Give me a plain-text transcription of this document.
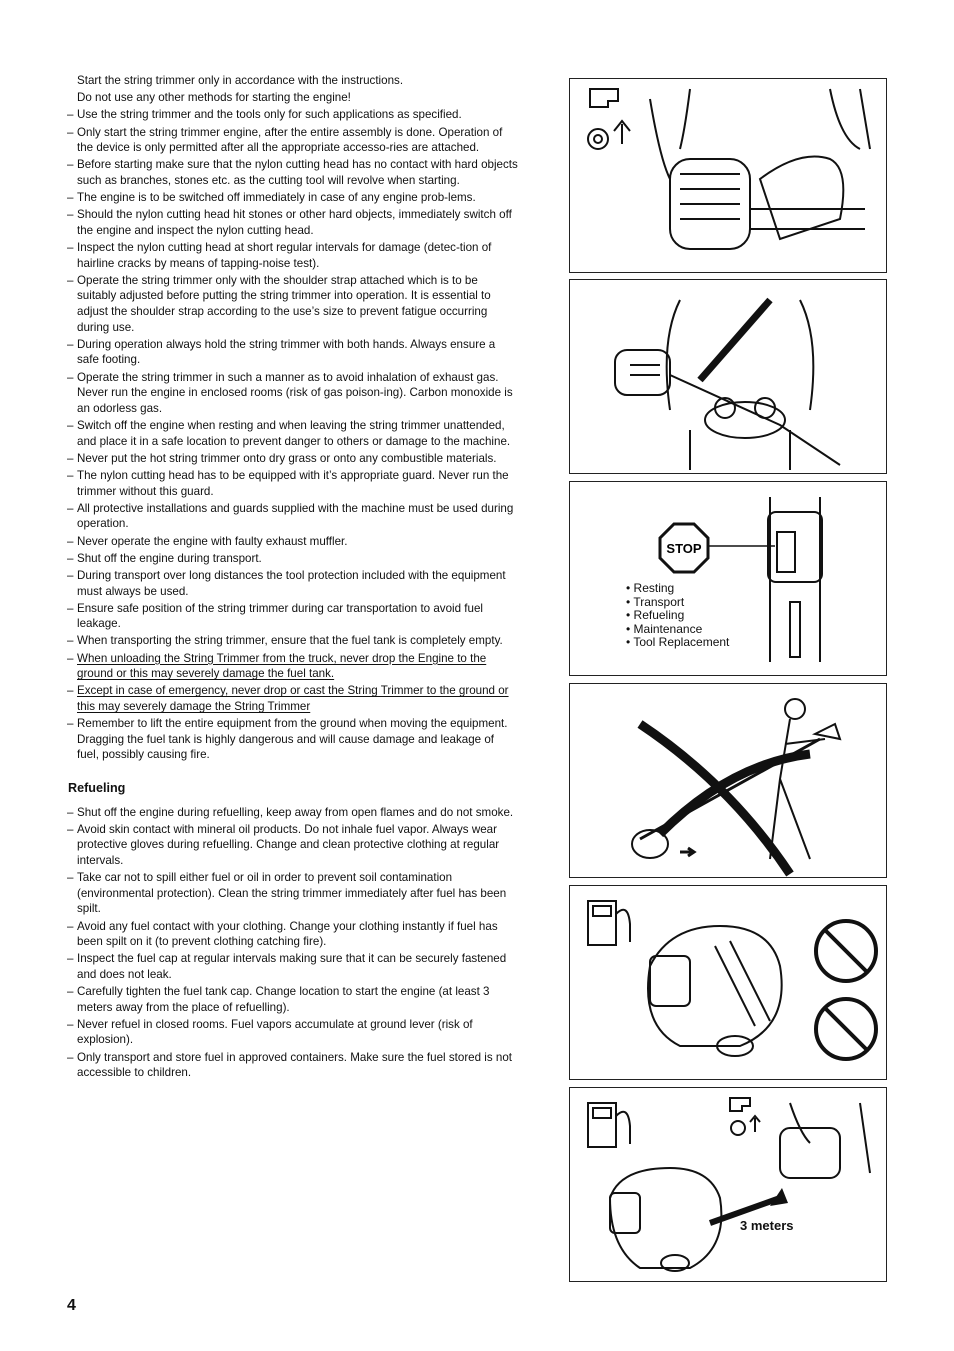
Start the string trimmer only in accordance with the instructions.
Do not use any other methods for starting the engine!
– Use the string trimmer and the tools only for such applications as specified.
– Only start the string trimmer engine, after the entire assembly is done. Operation of the device is only permitted after all the appropriate accesso-ries are attached.
– Before starting make sure that the nylon cutting head has no contact with hard objects such as branches, stones etc. as the cutting tool will revolve when starting.
– The engine is to be switched off immediately in case of any engine prob-lems.
– Should the nylon cutting head hit stones or other hard objects, immediately switch off the engine and inspect the nylon cutting head.
– Inspect the nylon cutting head at short regular intervals for damage (detec-tion of hairline cracks by means of tapping-noise test).
– Operate the string trimmer only with the shoulder strap attached which is to be suitably adjusted before putting the string trimmer into operation. It is essential to adjust the shoulder strap according to the use’s size to prevent fatigue occurring during use.
– During operation always hold the string trimmer with both hands. Always ensure a safe footing.
– Operate the string trimmer in such a manner as to avoid inhalation of exhaust gas. Never run the engine in enclosed rooms (risk of gas poison-ing). Carbon monoxide is an odorless gas.
– Switch off the engine when resting and when leaving the string trimmer unattended, and place it in a safe location to prevent danger to others or damage to the machine.
– Never put the hot string trimmer onto dry grass or onto any combustible materials.
– The nylon cutting head has to be equipped with it’s appropriate guard. Never run the trimmer without this guard.
– All protective installations and guards supplied with the machine must be used during operation.
– Never operate the engine with faulty exhaust muffler.
– Shut off the engine during transport.
– During transport over long distances the tool protection included with the equipment must always be used.
– Ensure safe position of the string trimmer during car transportation to avoid fuel leakage.
– When transporting the string trimmer, ensure that the fuel tank is completely empty.
– When unloading the String Trimmer from the truck, never drop the Engine to the ground or this may severely damage the fuel tank.
– Except in case of emergency, never drop or cast the String Trimmer to the ground or this may severely damage the String Trimmer
– Remember to lift the entire equipment from the ground when moving the equipment. Dragging the fuel tank is highly dangerous and will cause damage and leakage of fuel, possibly causing fire.
Refueling
– Shut off the engine during refuelling, keep away from open flames and do not smoke.
– Avoid skin contact with mineral oil products. Do not inhale fuel vapor. Always wear protective gloves during refuelling. Change and clean protective clothing at regular intervals.
– Take car not to spill either fuel or oil in order to prevent soil contamination (environmental protection). Clean the string trimmer immediately after fuel has been spilt.
– Avoid any fuel contact with your clothing. Change your clothing instantly if fuel has been spilt on it (to prevent clothing catching fire).
– Inspect the fuel cap at regular intervals making sure that it can be securely fastened and does not leak.
– Carefully tighten the fuel tank cap. Change location to start the engine (at least 3 meters away from the place of refuelling).
– Never refuel in closed rooms. Fuel vapors accumulate at ground lever (risk of explosion).
– Only transport and store fuel in approved containers. Make sure the fuel stored is not accessible to children.
4
STOP
• Resting
• Transport
• Refueling
• Maintenance
• Tool Replacement
3 meters
